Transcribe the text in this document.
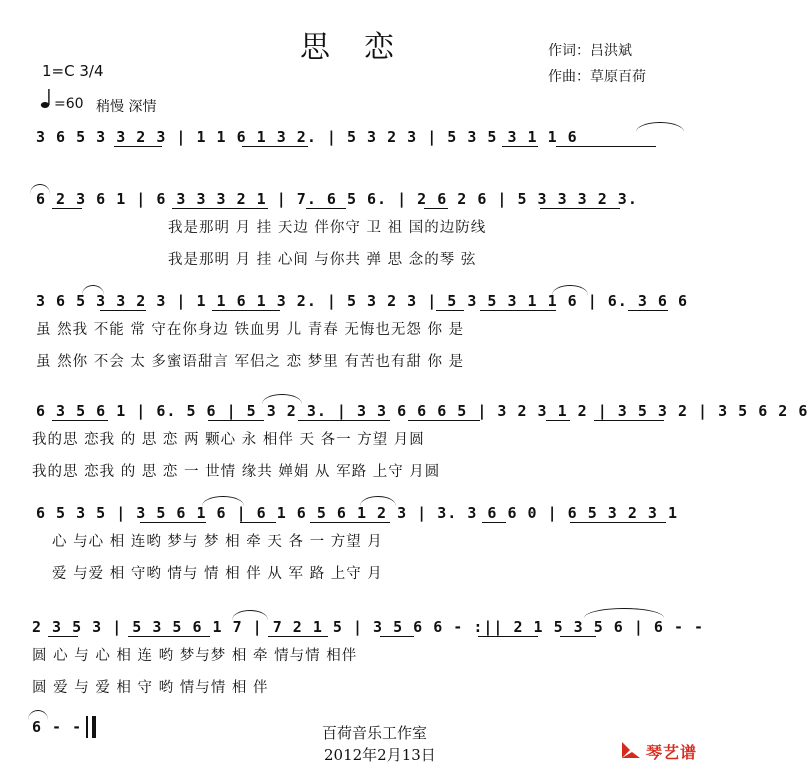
思恋	作词：吕洪斌
作曲：草原百荷
1=C 3/4
=60 稍慢 深情
3 6 5 3 3 2 3 | 1 1 6 1 3 2. | 5 3 2 3 | 5 3 5 3 1 1 6
6 2 3 6 1 | 6 3 3 3 2 1 | 7. 6 5 6. | 2 6 2 6 | 5 3 3 3 2 3.
我是那明 月 挂 天边 伴你守 卫 祖 国的边防线
我是那明 月 挂 心间 与你共 弹 思 念的琴 弦
3 6 5 3 3 2 3 | 1 1 6 1 3 2. | 5 3 2 3 | 5 3 5 3 1 1 6 | 6. 3 6 6
虽 然我 不能 常 守在你身边 铁血男 儿 青春 无悔也无怨 你 是
虽 然你 不会 太 多蜜语甜言 军侣之 恋 梦里 有苦也有甜 你 是
6 3 5 6 1 | 6. 5 6 | 5 3 2 3. | 3 3 6 6 6 5 | 3 2 3 1 2 | 3 5 3 2 | 3 5 6 2 6
我的思 恋我 的 思 恋 两 颗心 永 相伴 天 各一 方望 月圆
我的思 恋我 的 思 恋 一 世情 缘共 婵娟 从 军路 上守 月圆
6 5 3 5 | 3 5 6 1 6 | 6 1 6 5 6 1 2 3 | 3. 3 6 6 0 | 6 5 3 2 3 1
心 与心 相 连哟 梦与 梦 相 牵 天 各 一 方望 月
爱 与爱 相 守哟 情与 情 相 伴 从 军 路 上守 月
2 3 5 3 | 5 3 5 6 1 7 | 7 2 1 5 | 3 5 6 6 - :|| 2 1 5 3 5 6 | 6 - -
圆 心 与 心 相 连 哟 梦与梦 相 牵 情与情 相伴
圆 爱 与 爱 相 守 哟 情与情 相 伴
6 - -	百荷音乐工作室
2012年2月13日	琴艺谱
